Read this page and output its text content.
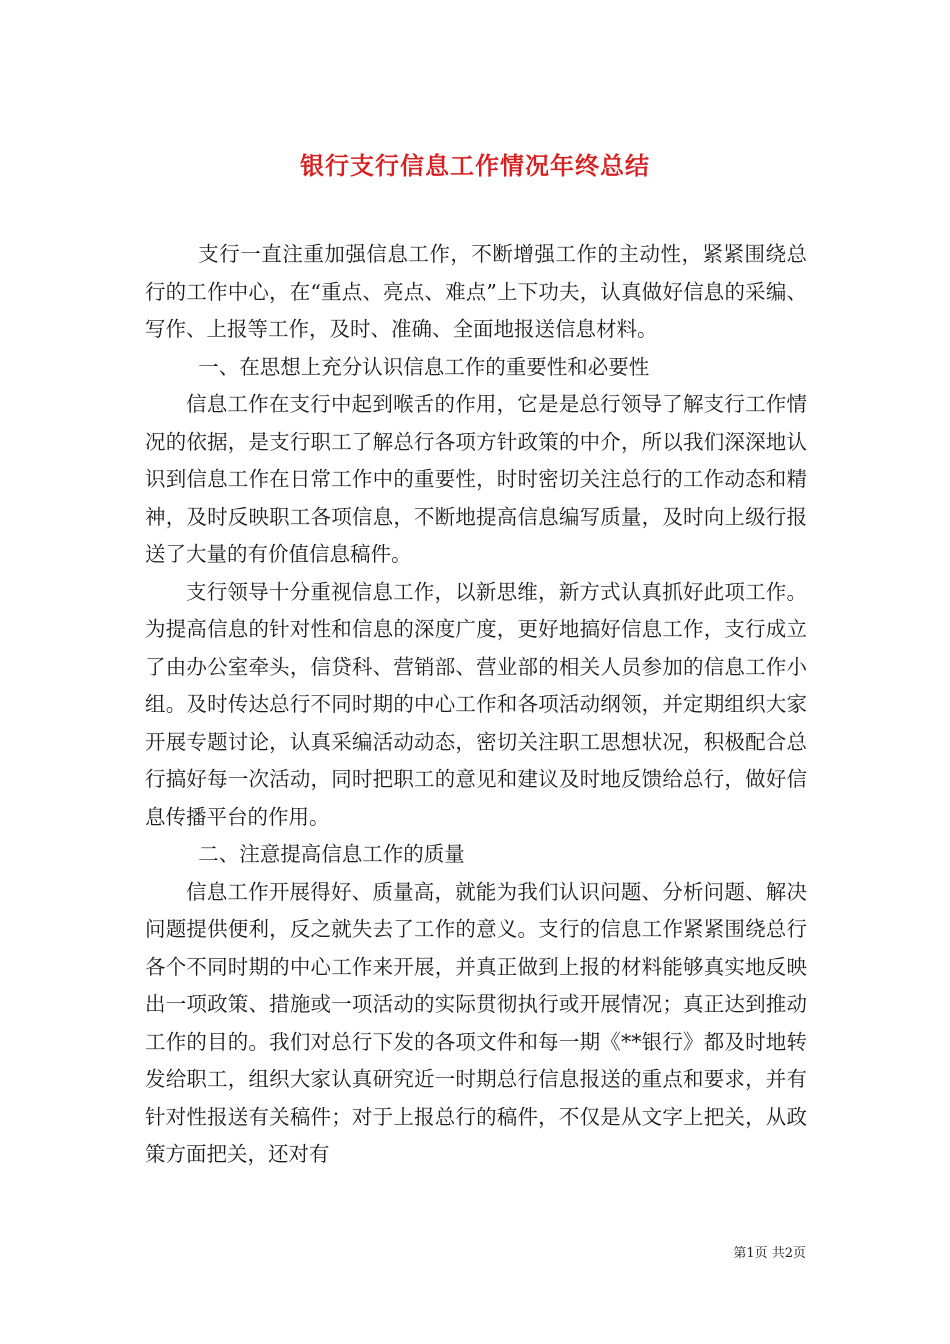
银行支行信息工作情况年终总结

支行一直注重加强信息工作，不断增强工作的主动性，紧紧围绕总行的工作中心，在“重点、亮点、难点”上下功夫，认真做好信息的采编、写作、上报等工作，及时、准确、全面地报送信息材料。

一、在思想上充分认识信息工作的重要性和必要性

信息工作在支行中起到喉舌的作用，它是是总行领导了解支行工作情况的依据，是支行职工了解总行各项方针政策的中介，所以我们深深地认识到信息工作在日常工作中的重要性，时时密切关注总行的工作动态和精神，及时反映职工各项信息，不断地提高信息编写质量，及时向上级行报送了大量的有价值信息稿件。

支行领导十分重视信息工作，以新思维，新方式认真抓好此项工作。为提高信息的针对性和信息的深度广度，更好地搞好信息工作，支行成立了由办公室牵头，信贷科、营销部、营业部的相关人员参加的信息工作小组。及时传达总行不同时期的中心工作和各项活动纲领，并定期组织大家开展专题讨论，认真采编活动动态，密切关注职工思想状况，积极配合总行搞好每一次活动，同时把职工的意见和建议及时地反馈给总行，做好信息传播平台的作用。

二、注意提高信息工作的质量

信息工作开展得好、质量高，就能为我们认识问题、分析问题、解决问题提供便利，反之就失去了工作的意义。支行的信息工作紧紧围绕总行各个不同时期的中心工作来开展，并真正做到上报的材料能够真实地反映出一项政策、措施或一项活动的实际贯彻执行或开展情况；真正达到推动工作的目的。我们对总行下发的各项文件和每一期《**银行》都及时地转发给职工，组织大家认真研究近一时期总行信息报送的重点和要求，并有针对性报送有关稿件；对于上报总行的稿件，不仅是从文字上把关，从政策方面把关，还对有

第1页 共2页
